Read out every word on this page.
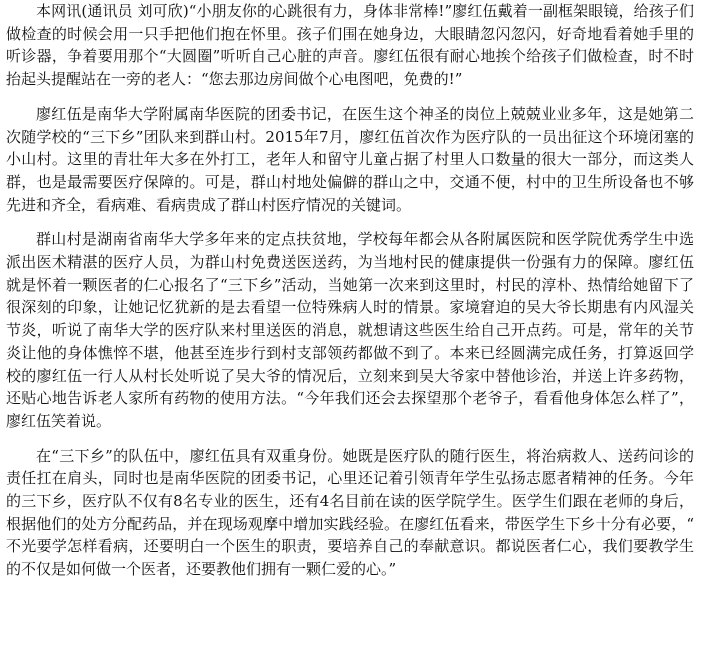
本网讯(通讯员 刘可欣)“小朋友你的心跳很有力，身体非常棒!”廖红伍戴着一副框架眼镜，给孩子们做检查的时候会用一只手把他们抱在怀里。孩子们围在她身边，大眼睛忽闪忽闪，好奇地看着她手里的听诊器，争着要用那个“大圆圈”听听自己心脏的声音。廖红伍很有耐心地挨个给孩子们做检查，时不时抬起头提醒站在一旁的老人：“您去那边房间做个心电图吧，免费的!”

廖红伍是南华大学附属南华医院的团委书记，在医生这个神圣的岗位上兢兢业业多年，这是她第二次随学校的“三下乡”团队来到群山村。2015年7月，廖红伍首次作为医疗队的一员出征这个环境闭塞的小山村。这里的青壮年大多在外打工，老年人和留守儿童占据了村里人口数量的很大一部分，而这类人群，也是最需要医疗保障的。可是，群山村地处偏僻的群山之中，交通不便，村中的卫生所设备也不够先进和齐全，看病难、看病贵成了群山村医疗情况的关键词。

群山村是湖南省南华大学多年来的定点扶贫地，学校每年都会从各附属医院和医学院优秀学生中选派出医术精湛的医疗人员，为群山村免费送医送药，为当地村民的健康提供一份强有力的保障。廖红伍就是怀着一颗医者的仁心报名了“三下乡”活动，当她第一次来到这里时，村民的淳朴、热情给她留下了很深刻的印象，让她记忆犹新的是去看望一位特殊病人时的情景。家境窘迫的吴大爷长期患有内风湿关节炎，听说了南华大学的医疗队来村里送医的消息，就想请这些医生给自己开点药。可是，常年的关节炎让他的身体憔悴不堪，他甚至连步行到村支部领药都做不到了。本来已经圆满完成任务，打算返回学校的廖红伍一行人从村长处听说了吴大爷的情况后，立刻来到吴大爷家中替他诊治，并送上许多药物，还贴心地告诉老人家所有药物的使用方法。“今年我们还会去探望那个老爷子，看看他身体怎么样了”，廖红伍笑着说。

在“三下乡”的队伍中，廖红伍具有双重身份。她既是医疗队的随行医生，将治病救人、送药问诊的责任扛在肩头，同时也是南华医院的团委书记，心里还记着引领青年学生弘扬志愿者精神的任务。今年的三下乡，医疗队不仅有8名专业的医生，还有4名目前在读的医学院学生。医学生们跟在老师的身后，根据他们的处方分配药品，并在现场观摩中增加实践经验。在廖红伍看来，带医学生下乡十分有必要，“不光要学怎样看病，还要明白一个医生的职责，要培养自己的奉献意识。都说医者仁心，我们要教学生的不仅是如何做一个医者，还要教他们拥有一颗仁爱的心。”
